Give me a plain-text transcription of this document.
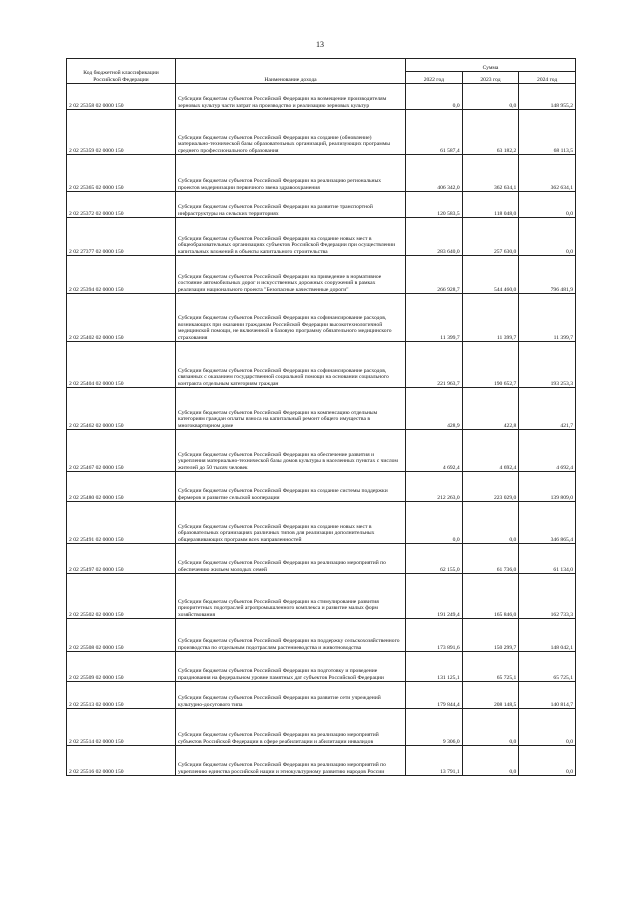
13
Код бюджетной классификации Российской Федерации	Наименование дохода	Сумма		
		2022 год	2023 год	2024 год
2 02 25358 02 0000 150	Субсидии бюджетам субъектов Российской Федерации на возмещение производителям зерновых культур части затрат на производство и реализацию зерновых культур	0,0	0,0	148 955,2
2 02 25359 02 0000 150	Субсидии бюджетам субъектов Российской Федерации на создание (обновление) материально-технической базы образовательных организаций, реализующих программы среднего профессионального образования	61 587,4	63 182,2	68 113,5
2 02 25365 02 0000 150	Субсидии бюджетам субъектов Российской Федерации на реализацию региональных проектов модернизации первичного звена здравоохранения	406 342,0	362 634,1	362 634,1
2 02 25372 02 0000 150	Субсидии бюджетам субъектов Российской Федерации на развитие транспортной инфраструктуры на сельских территориях	120 583,5	118 048,0	0,0
2 02 27377 02 0000 150	Субсидии бюджетам субъектов Российской Федерации на создание новых мест в общеобразовательных организациях субъектов Российской Федерации при осуществлении капитальных вложений в объекты капитального строительства	283 640,0	257 630,0	0,0
2 02 25394 02 0000 150	Субсидии бюджетам субъектов Российской Федерации на приведение в нормативное состояние автомобильных дорог и искусственных дорожных сооружений в рамках реализации национального проекта "Безопасные качественные дороги"	266 928,7	544 460,0	796 481,9
2 02 25402 02 0000 150	Субсидии бюджетам субъектов Российской Федерации на софинансирование расходов, возникающих при оказании гражданам Российской Федерации высокотехнологичной медицинской помощи, не включенной в базовую программу обязательного медицинского страхования	11 399,7	11 399,7	11 399,7
2 02 25404 02 0000 150	Субсидии бюджетам субъектов Российской Федерации на софинансирование расходов, связанных с оказанием государственной социальной помощи на основании социального контракта отдельным категориям граждан	221 963,7	190 652,7	193 253,3
2 02 25462 02 0000 150	Субсидии бюджетам субъектов Российской Федерации на компенсацию отдельным категориям граждан оплаты взноса на капитальный ремонт общего имущества в многоквартирном доме	428,9	422,8	421,7
2 02 25467 02 0000 150	Субсидии бюджетам субъектов Российской Федерации на обеспечение развития и укрепления материально-технической базы домов культуры в населенных пунктах с числом жителей до 50 тысяч человек	4 692,4	4 692,4	4 692,4
2 02 25480 02 0000 150	Субсидии бюджетам субъектов Российской Федерации на создание системы поддержки фермеров и развитие сельской кооперации	212 263,0	223 029,0	139 809,0
2 02 25491 02 0000 150	Субсидии бюджетам субъектов Российской Федерации на создание новых мест в образовательных организациях различных типов для реализации дополнительных общеразвивающих программ всех направленностей	0,0	0,0	346 865,4
2 02 25497 02 0000 150	Субсидии бюджетам субъектов Российской Федерации на реализацию мероприятий по обеспечению жильем молодых семей	62 155,0	61 736,0	61 134,0
2 02 25502 02 0000 150	Субсидии бюджетам субъектов Российской Федерации на стимулирование развития приоритетных подотраслей агропромышленного комплекса и развитие малых форм хозяйствования	191 249,4	165 846,0	162 733,3
2 02 25508 02 0000 150	Субсидии бюджетам субъектов Российской Федерации на поддержку сельскохозяйственного производства по отдельным подотраслям растениеводства и животноводства	173 891,6	150 299,7	148 042,1
2 02 25509 02 0000 150	Субсидии бюджетам субъектов Российской Федерации на подготовку и проведение празднования на федеральном уровне памятных дат субъектов Российской Федерации	131 125,1	65 725,1	65 725,1
2 02 25513 02 0000 150	Субсидии бюджетам субъектов Российской Федерации на развитие сети учреждений культурно-досугового типа	179 844,4	208 148,5	140 814,7
2 02 25514 02 0000 150	Субсидии бюджетам субъектов Российской Федерации на реализацию мероприятий субъектов Российской Федерации в сфере реабилитации и абилитации инвалидов	9 306,0	0,0	0,0
2 02 25516 02 0000 150	Субсидии бюджетам субъектов Российской Федерации на реализацию мероприятий по укреплению единства российской нации и этнокультурному развитию народов России	13 791,1	0,0	0,0
